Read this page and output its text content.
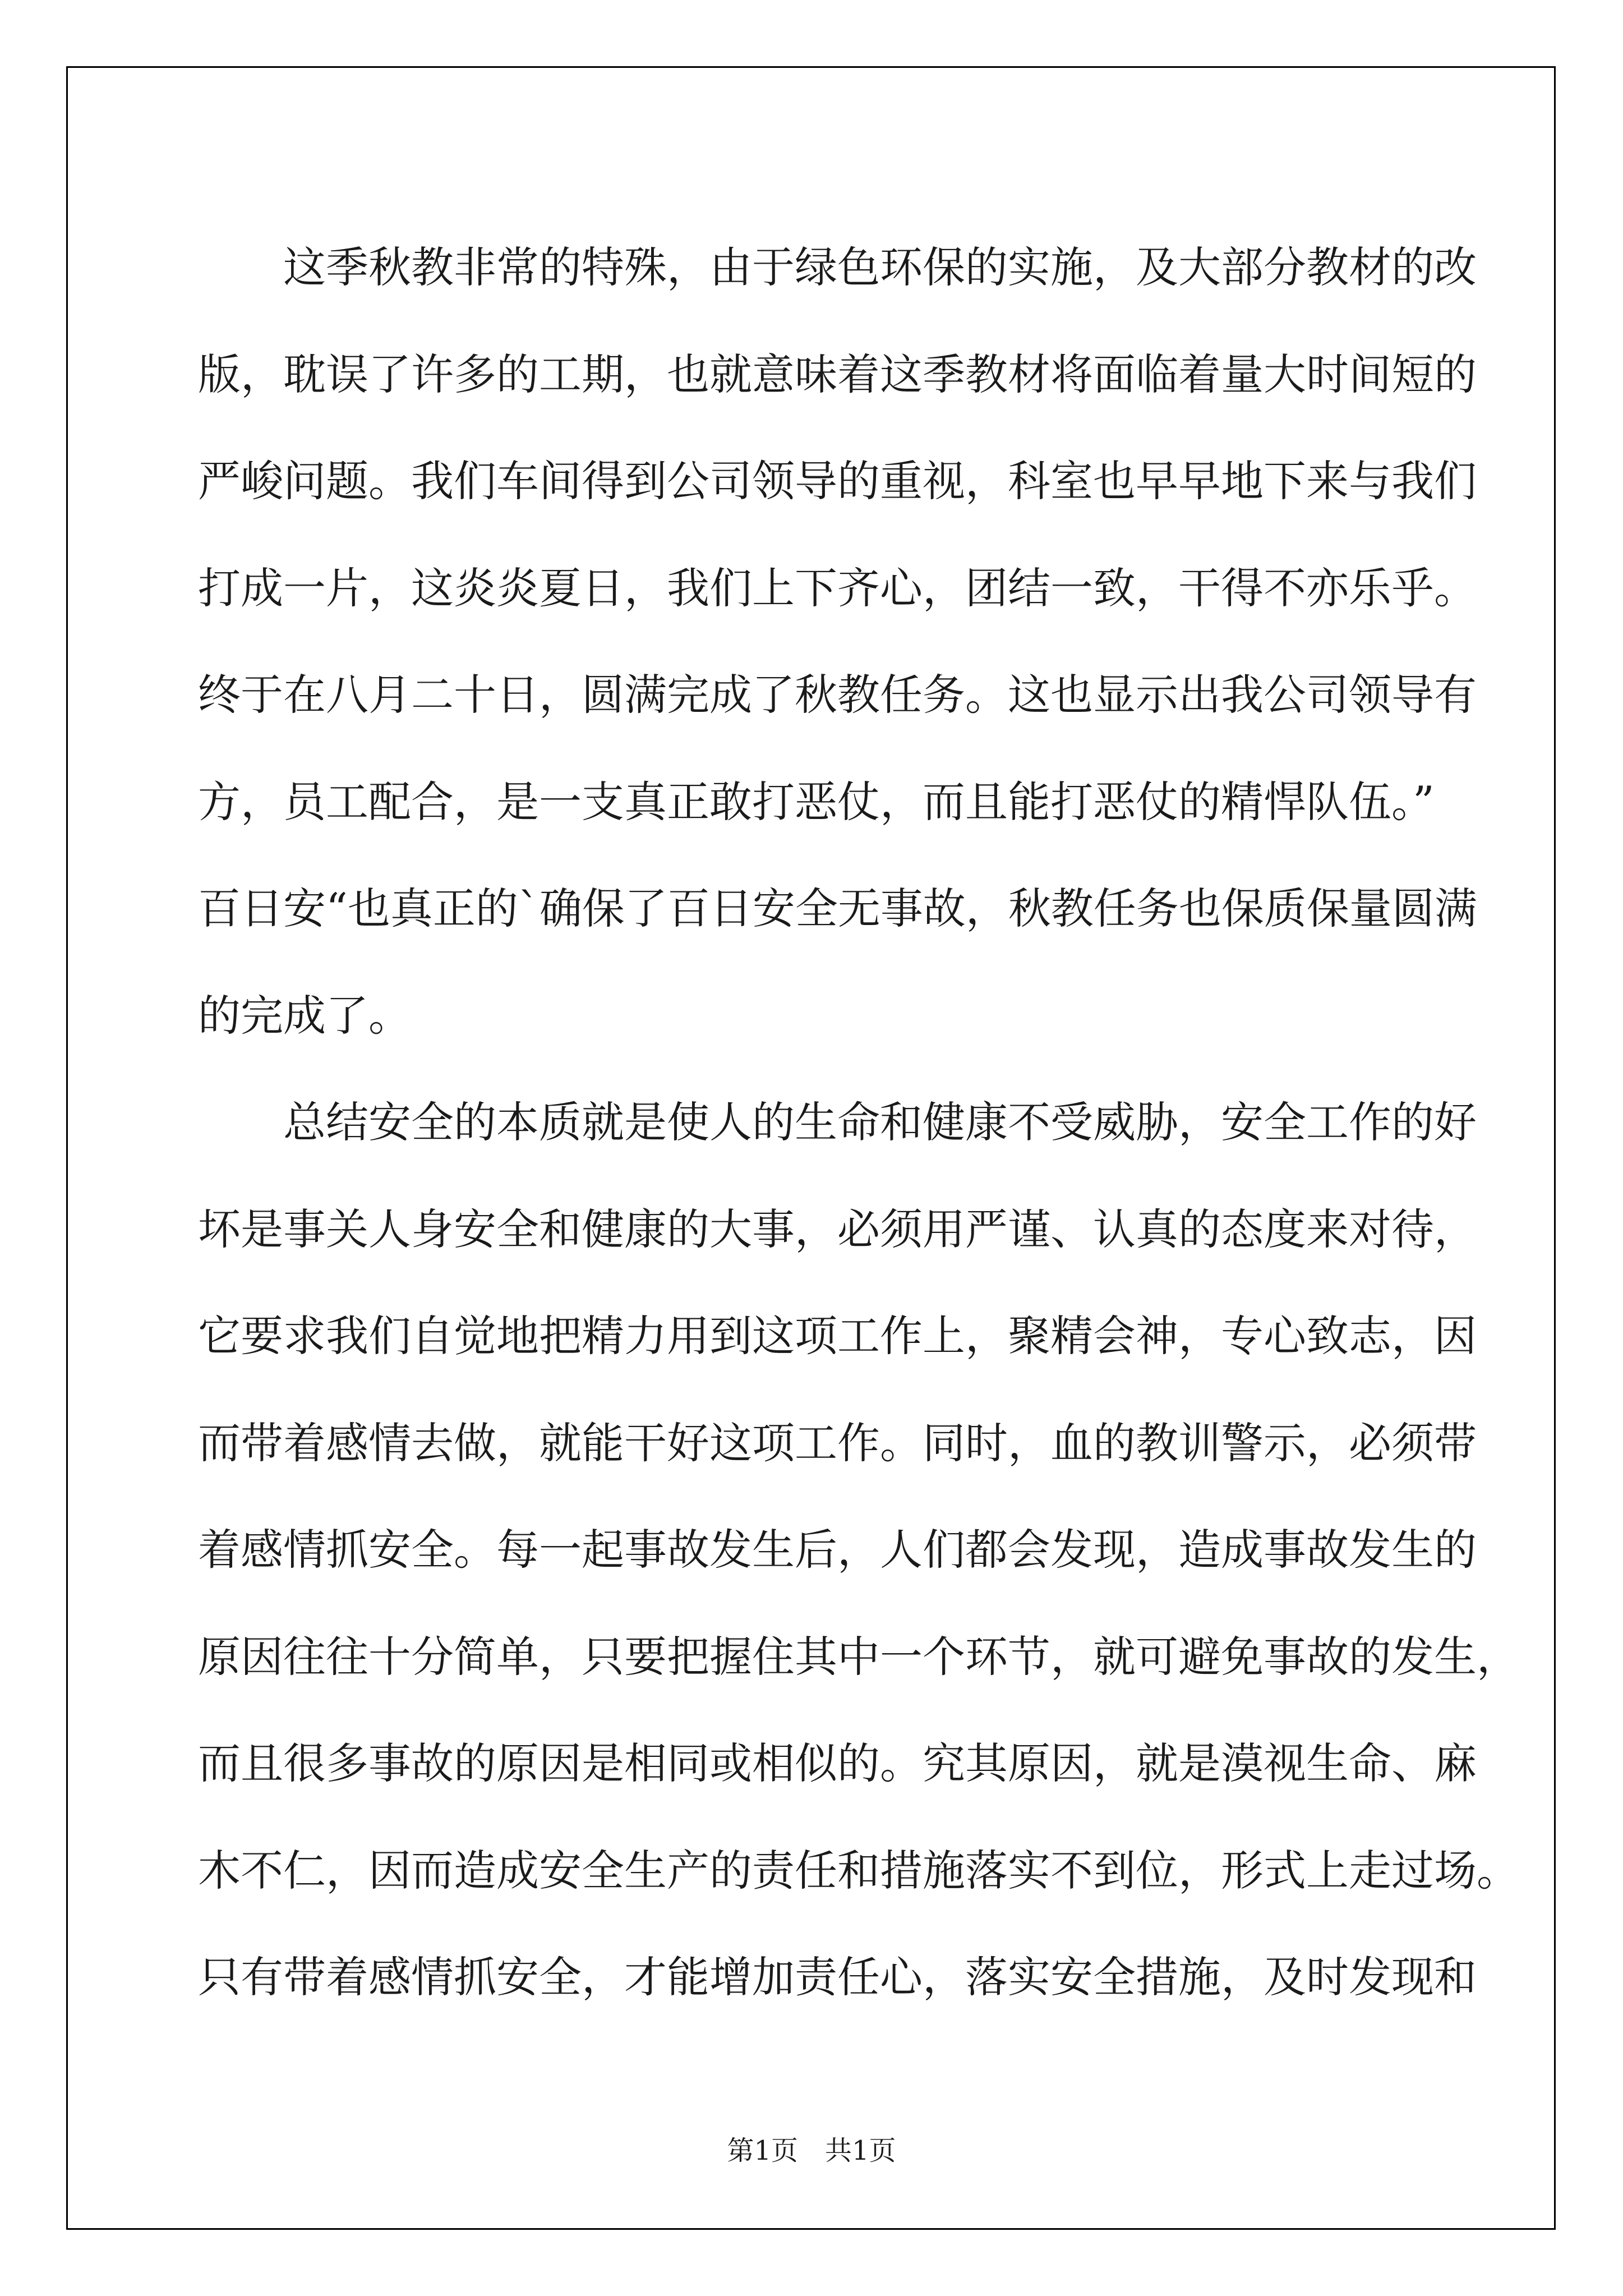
这季秋教非常的特殊，由于绿色环保的实施，及大部分教材的改
版，耽误了许多的工期，也就意味着这季教材将面临着量大时间短的
严峻问题。我们车间得到公司领导的重视，科室也早早地下来与我们
打成一片，这炎炎夏日，我们上下齐心，团结一致，干得不亦乐乎。
终于在八月二十日，圆满完成了秋教任务。这也显示出我公司领导有
方，员工配合，是一支真正敢打恶仗，而且能打恶仗的精悍队伍。”
百日安“也真正的`确保了百日安全无事故，秋教任务也保质保量圆满
的完成了。
总结安全的本质就是使人的生命和健康不受威胁，安全工作的好
坏是事关人身安全和健康的大事，必须用严谨、认真的态度来对待，
它要求我们自觉地把精力用到这项工作上，聚精会神，专心致志，因
而带着感情去做，就能干好这项工作。同时，血的教训警示，必须带
着感情抓安全。每一起事故发生后，人们都会发现，造成事故发生的
原因往往十分简单，只要把握住其中一个环节，就可避免事故的发生，
而且很多事故的原因是相同或相似的。究其原因，就是漠视生命、麻
木不仁，因而造成安全生产的责任和措施落实不到位，形式上走过场。
只有带着感情抓安全，才能增加责任心，落实安全措施，及时发现和
第1页 共1页
